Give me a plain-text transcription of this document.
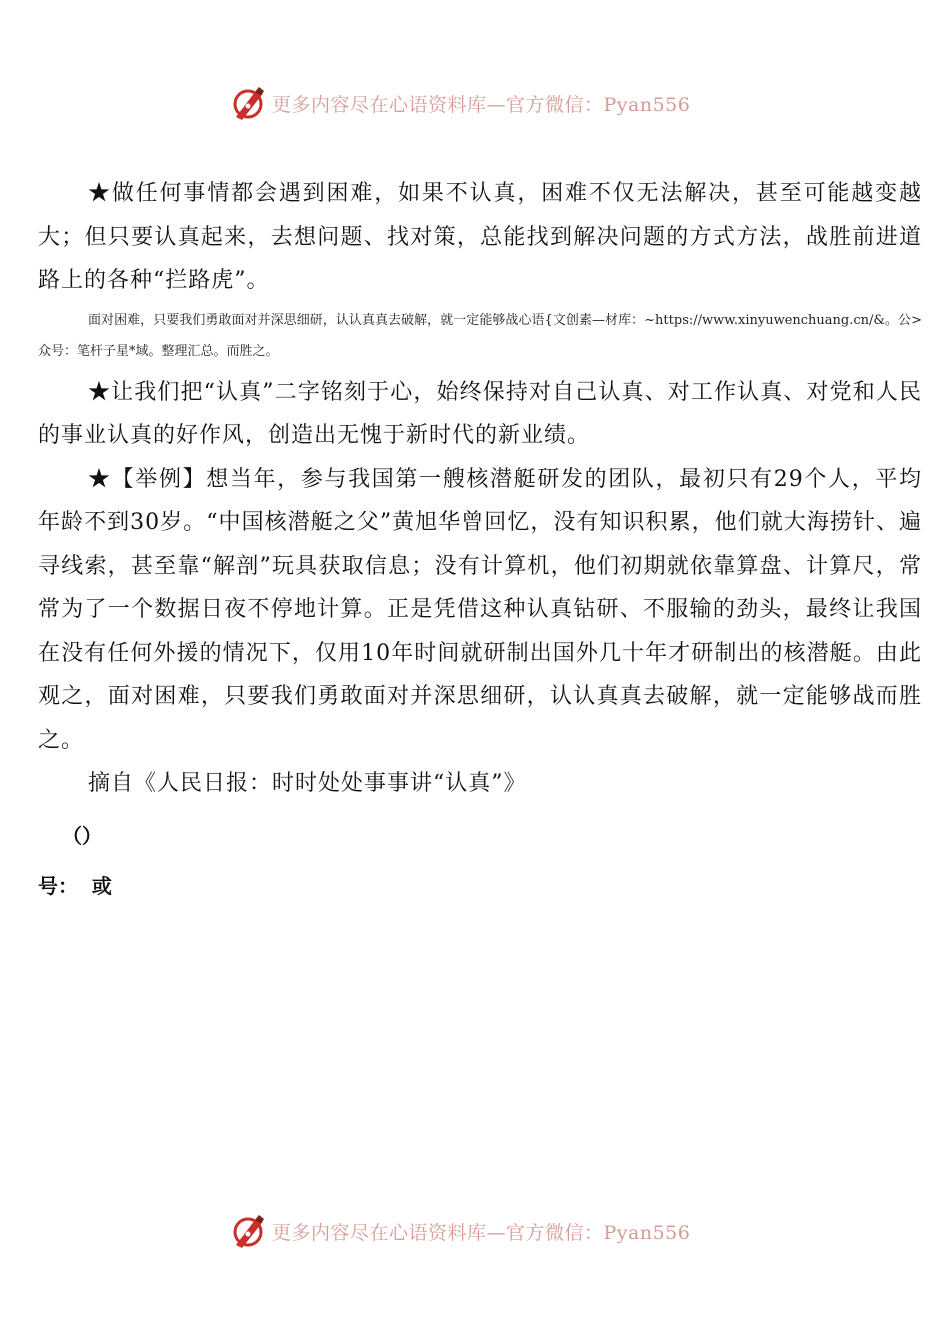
更多内容尽在心语资料库—官方微信：Pyan556

★做任何事情都会遇到困难，如果不认真，困难不仅无法解决，甚至可能越变越大；但只要认真起来，去想问题、找对策，总能找到解决问题的方式方法，战胜前进道路上的各种“拦路虎”。

面对困难，只要我们勇敢面对并深思细研，认认真真去破解，就一定能够战心语{文创素—材库：~https://www.xinyuwenchuang.cn/&。公>众号：笔杆子星*域。整理汇总。而胜之。

★让我们把“认真”二字铭刻于心，始终保持对自己认真、对工作认真、对党和人民的事业认真的好作风，创造出无愧于新时代的新业绩。

★【举例】想当年，参与我国第一艘核潜艇研发的团队，最初只有29个人，平均年龄不到30岁。“中国核潜艇之父”黄旭华曾回忆，没有知识积累，他们就大海捞针、遍寻线索，甚至靠“解剖”玩具获取信息；没有计算机，他们初期就依靠算盘、计算尺，常常为了一个数据日夜不停地计算。正是凭借这种认真钻研、不服输的劲头，最终让我国在没有任何外援的情况下，仅用10年时间就研制出国外几十年才研制出的核潜艇。由此观之，面对困难，只要我们勇敢面对并深思细研，认认真真去破解，就一定能够战而胜之。

摘自《人民日报：时时处处事事讲“认真”》

（）
号：  或
更多内容尽在心语资料库—官方微信：Pyan556
